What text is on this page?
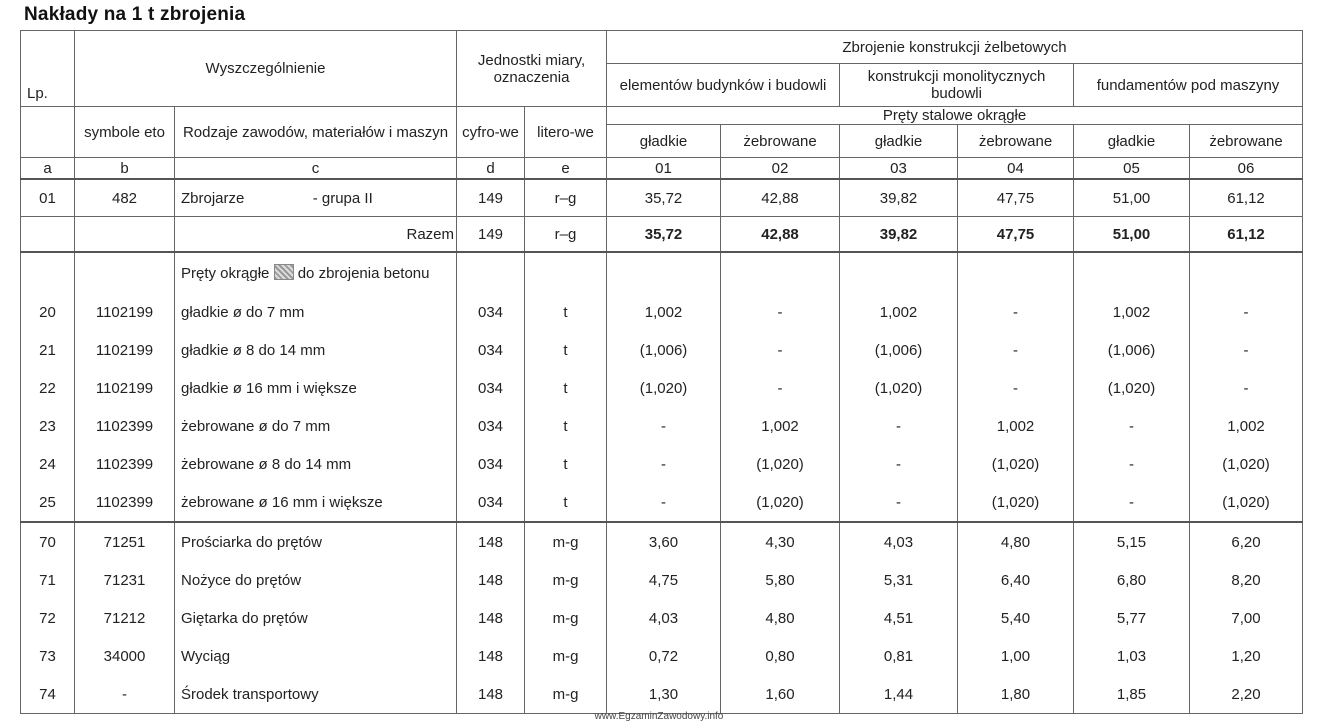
Nakłady na 1 t zbrojenia
Lp.	Wyszczególnienie		Jednostki miary, oznaczenia		Zbrojenie konstrukcji żelbetowych					
					elementów budynków i budowli		konstrukcji monolitycznych budowli		fundamentów pod maszyny	
	symbole eto	Rodzaje zawodów, materiałów i maszyn	cyfro-we	litero-we	Pręty stalowe okrągłe					
					gładkie	żebrowane	gładkie	żebrowane	gładkie	żebrowane
a	b	c	d	e	01	02	03	04	05	06
01	482	Zbrojarze - grupa II	149	r–g	35,72	42,88	39,82	47,75	51,00	61,12
		Razem	149	r–g	35,72	42,88	39,82	47,75	51,00	61,12
		Pręty okrągłe do zbrojenia betonu								
20	1102199	gładkie ø do 7 mm	034	t	1,002	-	1,002	-	1,002	-
21	1102199	gładkie ø 8 do 14 mm	034	t	(1,006)	-	(1,006)	-	(1,006)	-
22	1102199	gładkie ø 16 mm i większe	034	t	(1,020)	-	(1,020)	-	(1,020)	-
23	1102399	żebrowane ø do 7 mm	034	t	-	1,002	-	1,002	-	1,002
24	1102399	żebrowane ø 8 do 14 mm	034	t	-	(1,020)	-	(1,020)	-	(1,020)
25	1102399	żebrowane ø 16 mm i większe	034	t	-	(1,020)	-	(1,020)	-	(1,020)
70	71251	Prościarka do prętów	148	m-g	3,60	4,30	4,03	4,80	5,15	6,20
71	71231	Nożyce do prętów	148	m-g	4,75	5,80	5,31	6,40	6,80	8,20
72	71212	Giętarka do prętów	148	m-g	4,03	4,80	4,51	5,40	5,77	7,00
73	34000	Wyciąg	148	m-g	0,72	0,80	0,81	1,00	1,03	1,20
74	-	Środek transportowy	148	m-g	1,30	1,60	1,44	1,80	1,85	2,20
www.EgzaminZawodowy.info
